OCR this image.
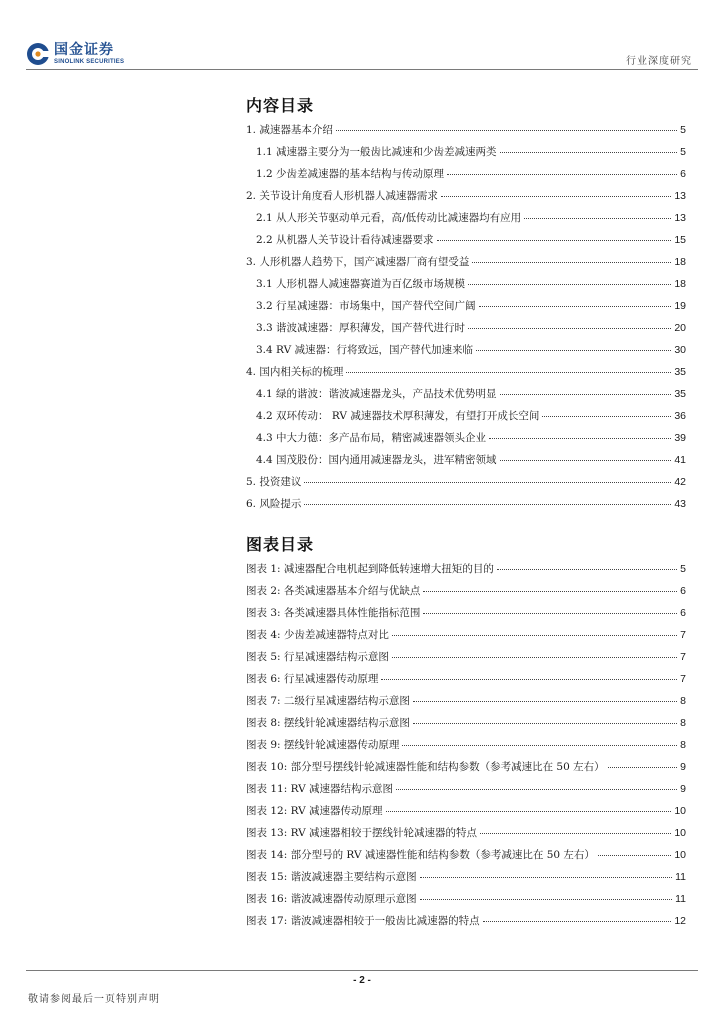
国金证券
SINOLINK SECURITIES	行业深度研究
内容目录
1. 减速器基本介绍	5
1.1 减速器主要分为一般齿比减速和少齿差减速两类	5
1.2 少齿差减速器的基本结构与传动原理	6
2. 关节设计角度看人形机器人减速器需求	13
2.1 从人形关节驱动单元看，高/低传动比减速器均有应用	13
2.2 从机器人关节设计看待减速器要求	15
3. 人形机器人趋势下，国产减速器厂商有望受益	18
3.1 人形机器人减速器赛道为百亿级市场规模	18
3.2 行星减速器：市场集中，国产替代空间广阔	19
3.3 谐波减速器：厚积薄发，国产替代进行时	20
3.4 RV 减速器：行将致远，国产替代加速来临	30
4. 国内相关标的梳理	35
4.1 绿的谐波：谐波减速器龙头，产品技术优势明显	35
4.2 双环传动： RV 减速器技术厚积薄发，有望打开成长空间	36
4.3 中大力德：多产品布局，精密减速器领头企业	39
4.4 国茂股份：国内通用减速器龙头，进军精密领域	41
5. 投资建议	42
6. 风险提示	43
图表目录
图表 1: 减速器配合电机起到降低转速增大扭矩的目的	5
图表 2: 各类减速器基本介绍与优缺点	6
图表 3: 各类减速器具体性能指标范围	6
图表 4: 少齿差减速器特点对比	7
图表 5: 行星减速器结构示意图	7
图表 6: 行星减速器传动原理	7
图表 7: 二级行星减速器结构示意图	8
图表 8: 摆线针轮减速器结构示意图	8
图表 9: 摆线针轮减速器传动原理	8
图表 10: 部分型号摆线针轮减速器性能和结构参数（参考减速比在 50 左右）	9
图表 11: RV 减速器结构示意图	9
图表 12: RV 减速器传动原理	10
图表 13: RV 减速器相较于摆线针轮减速器的特点	10
图表 14: 部分型号的 RV 减速器性能和结构参数（参考减速比在 50 左右）	10
图表 15: 谐波减速器主要结构示意图	11
图表 16: 谐波减速器传动原理示意图	11
图表 17: 谐波减速器相较于一般齿比减速器的特点	12
- 2 -
敬请参阅最后一页特别声明
